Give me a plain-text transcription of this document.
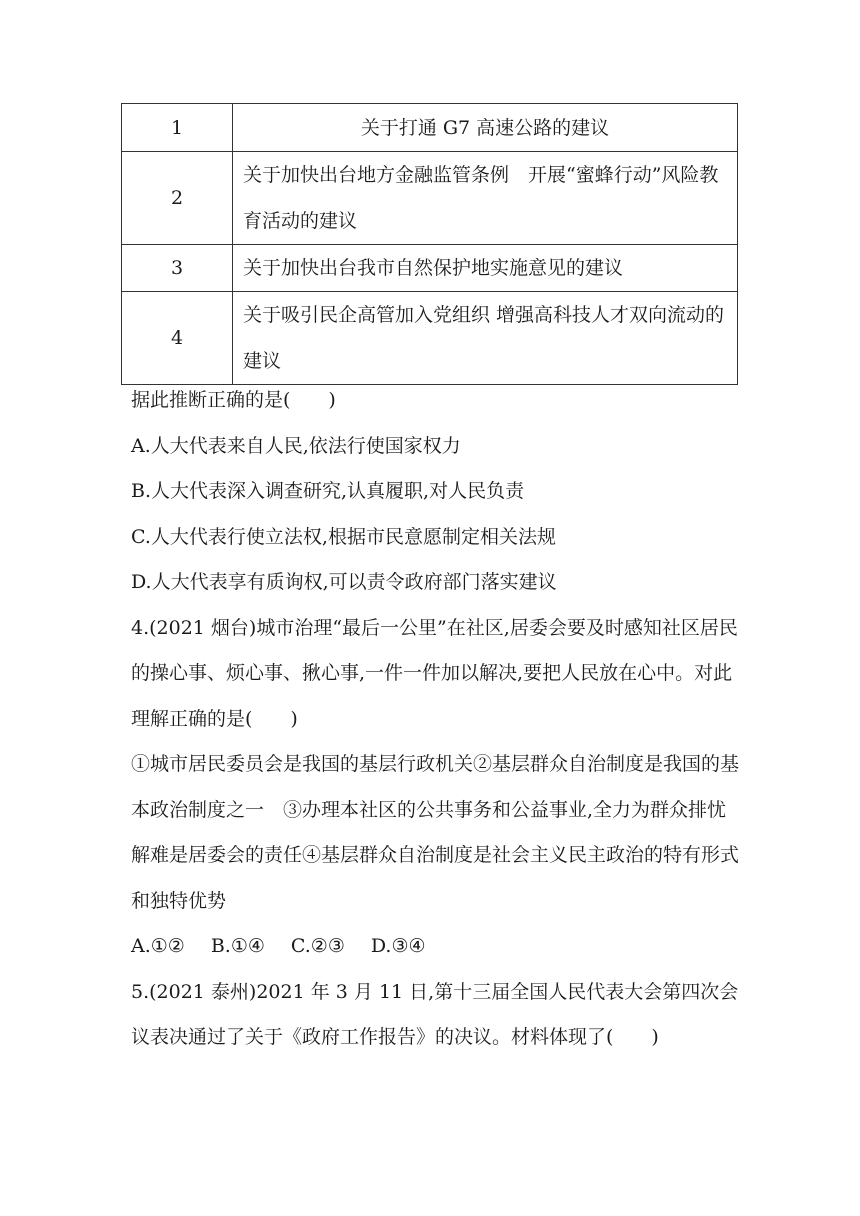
1	关于打通 G7 高速公路的建议
2	关于加快出台地方金融监管条例　开展“蜜蜂行动”风险教育活动的建议
3	关于加快出台我市自然保护地实施意见的建议
4	关于吸引民企高管加入党组织 增强高科技人才双向流动的建议

据此推断正确的是(　　)

A.人大代表来自人民,依法行使国家权力

B.人大代表深入调查研究,认真履职,对人民负责

C.人大代表行使立法权,根据市民意愿制定相关法规

D.人大代表享有质询权,可以责令政府部门落实建议

4.(2021 烟台)城市治理“最后一公里”在社区,居委会要及时感知社区居民的操心事、烦心事、揪心事,一件一件加以解决,要把人民放在心中。对此理解正确的是(　　)

①城市居民委员会是我国的基层行政机关②基层群众自治制度是我国的基本政治制度之一　③办理本社区的公共事务和公益事业,全力为群众排忧解难是居委会的责任④基层群众自治制度是社会主义民主政治的特有形式和独特优势

A.①② B.①④ C.②③ D.③④

5.(2021 泰州)2021 年 3 月 11 日,第十三届全国人民代表大会第四次会议表决通过了关于《政府工作报告》的决议。材料体现了(　　)
